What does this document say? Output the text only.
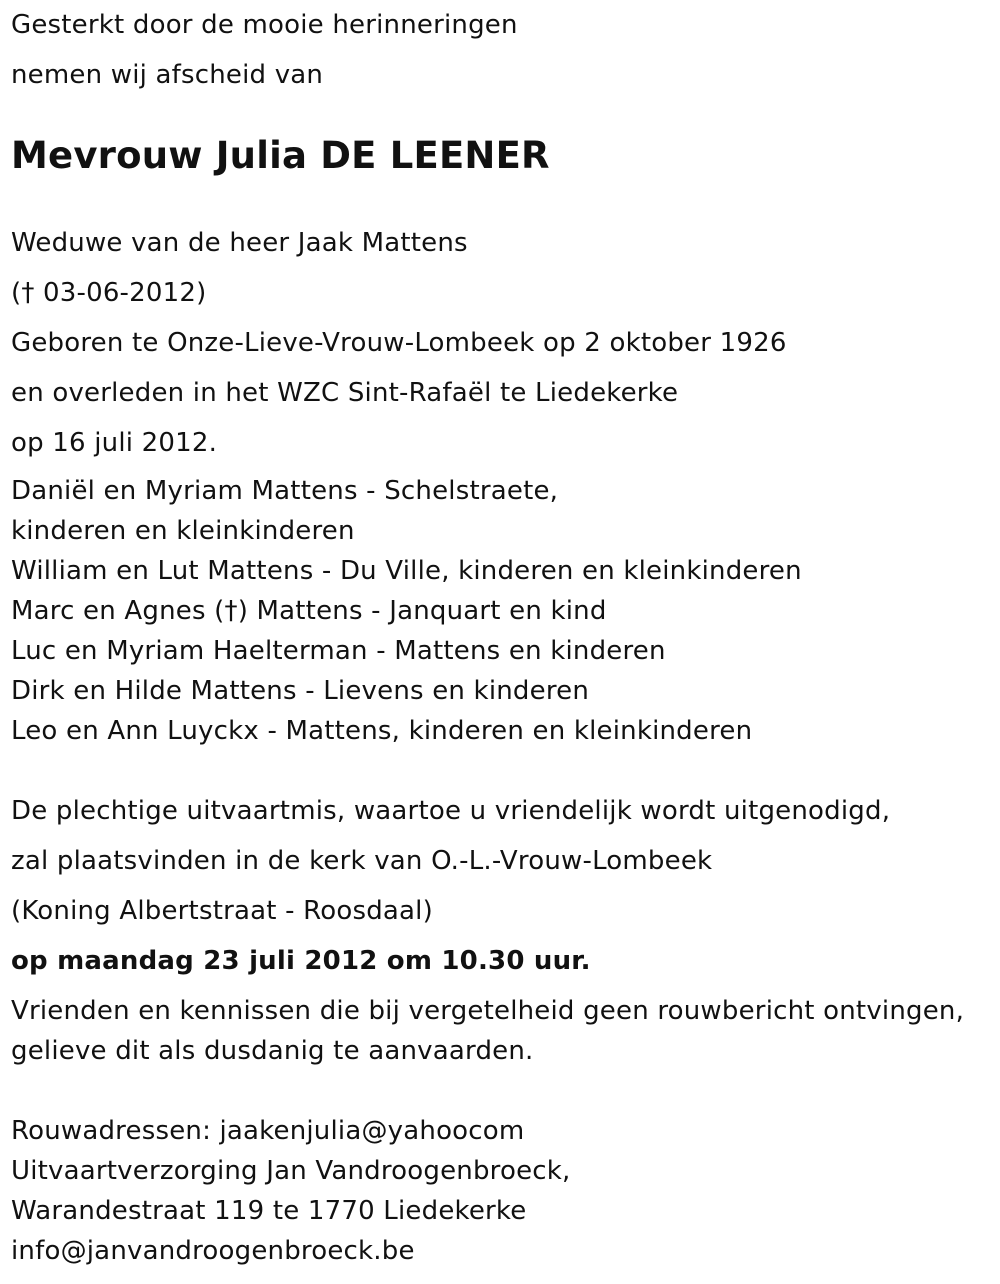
Gesterkt door de mooie herinneringen
nemen wij afscheid van
Mevrouw Julia DE LEENER
Weduwe van de heer Jaak Mattens
(† 03-06-2012)
Geboren te Onze-Lieve-Vrouw-Lombeek op 2 oktober 1926
en overleden in het WZC Sint-Rafaël te Liedekerke
op 16 juli 2012.
Daniël en Myriam Mattens - Schelstraete,
kinderen en kleinkinderen
William en Lut Mattens - Du Ville, kinderen en kleinkinderen
Marc en Agnes (†) Mattens - Janquart en kind
Luc en Myriam Haelterman - Mattens en kinderen
Dirk en Hilde Mattens - Lievens en kinderen
Leo en Ann Luyckx - Mattens, kinderen en kleinkinderen
De plechtige uitvaartmis, waartoe u vriendelijk wordt uitgenodigd,
zal plaatsvinden in de kerk van O.-L.-Vrouw-Lombeek
(Koning Albertstraat - Roosdaal)
op maandag 23 juli 2012 om 10.30 uur.
Vrienden en kennissen die bij vergetelheid geen rouwbericht ontvingen,
gelieve dit als dusdanig te aanvaarden.
Rouwadressen: jaakenjulia@yahoocom
Uitvaartverzorging Jan Vandroogenbroeck,
Warandestraat 119 te 1770 Liedekerke
info@janvandroogenbroeck.be
